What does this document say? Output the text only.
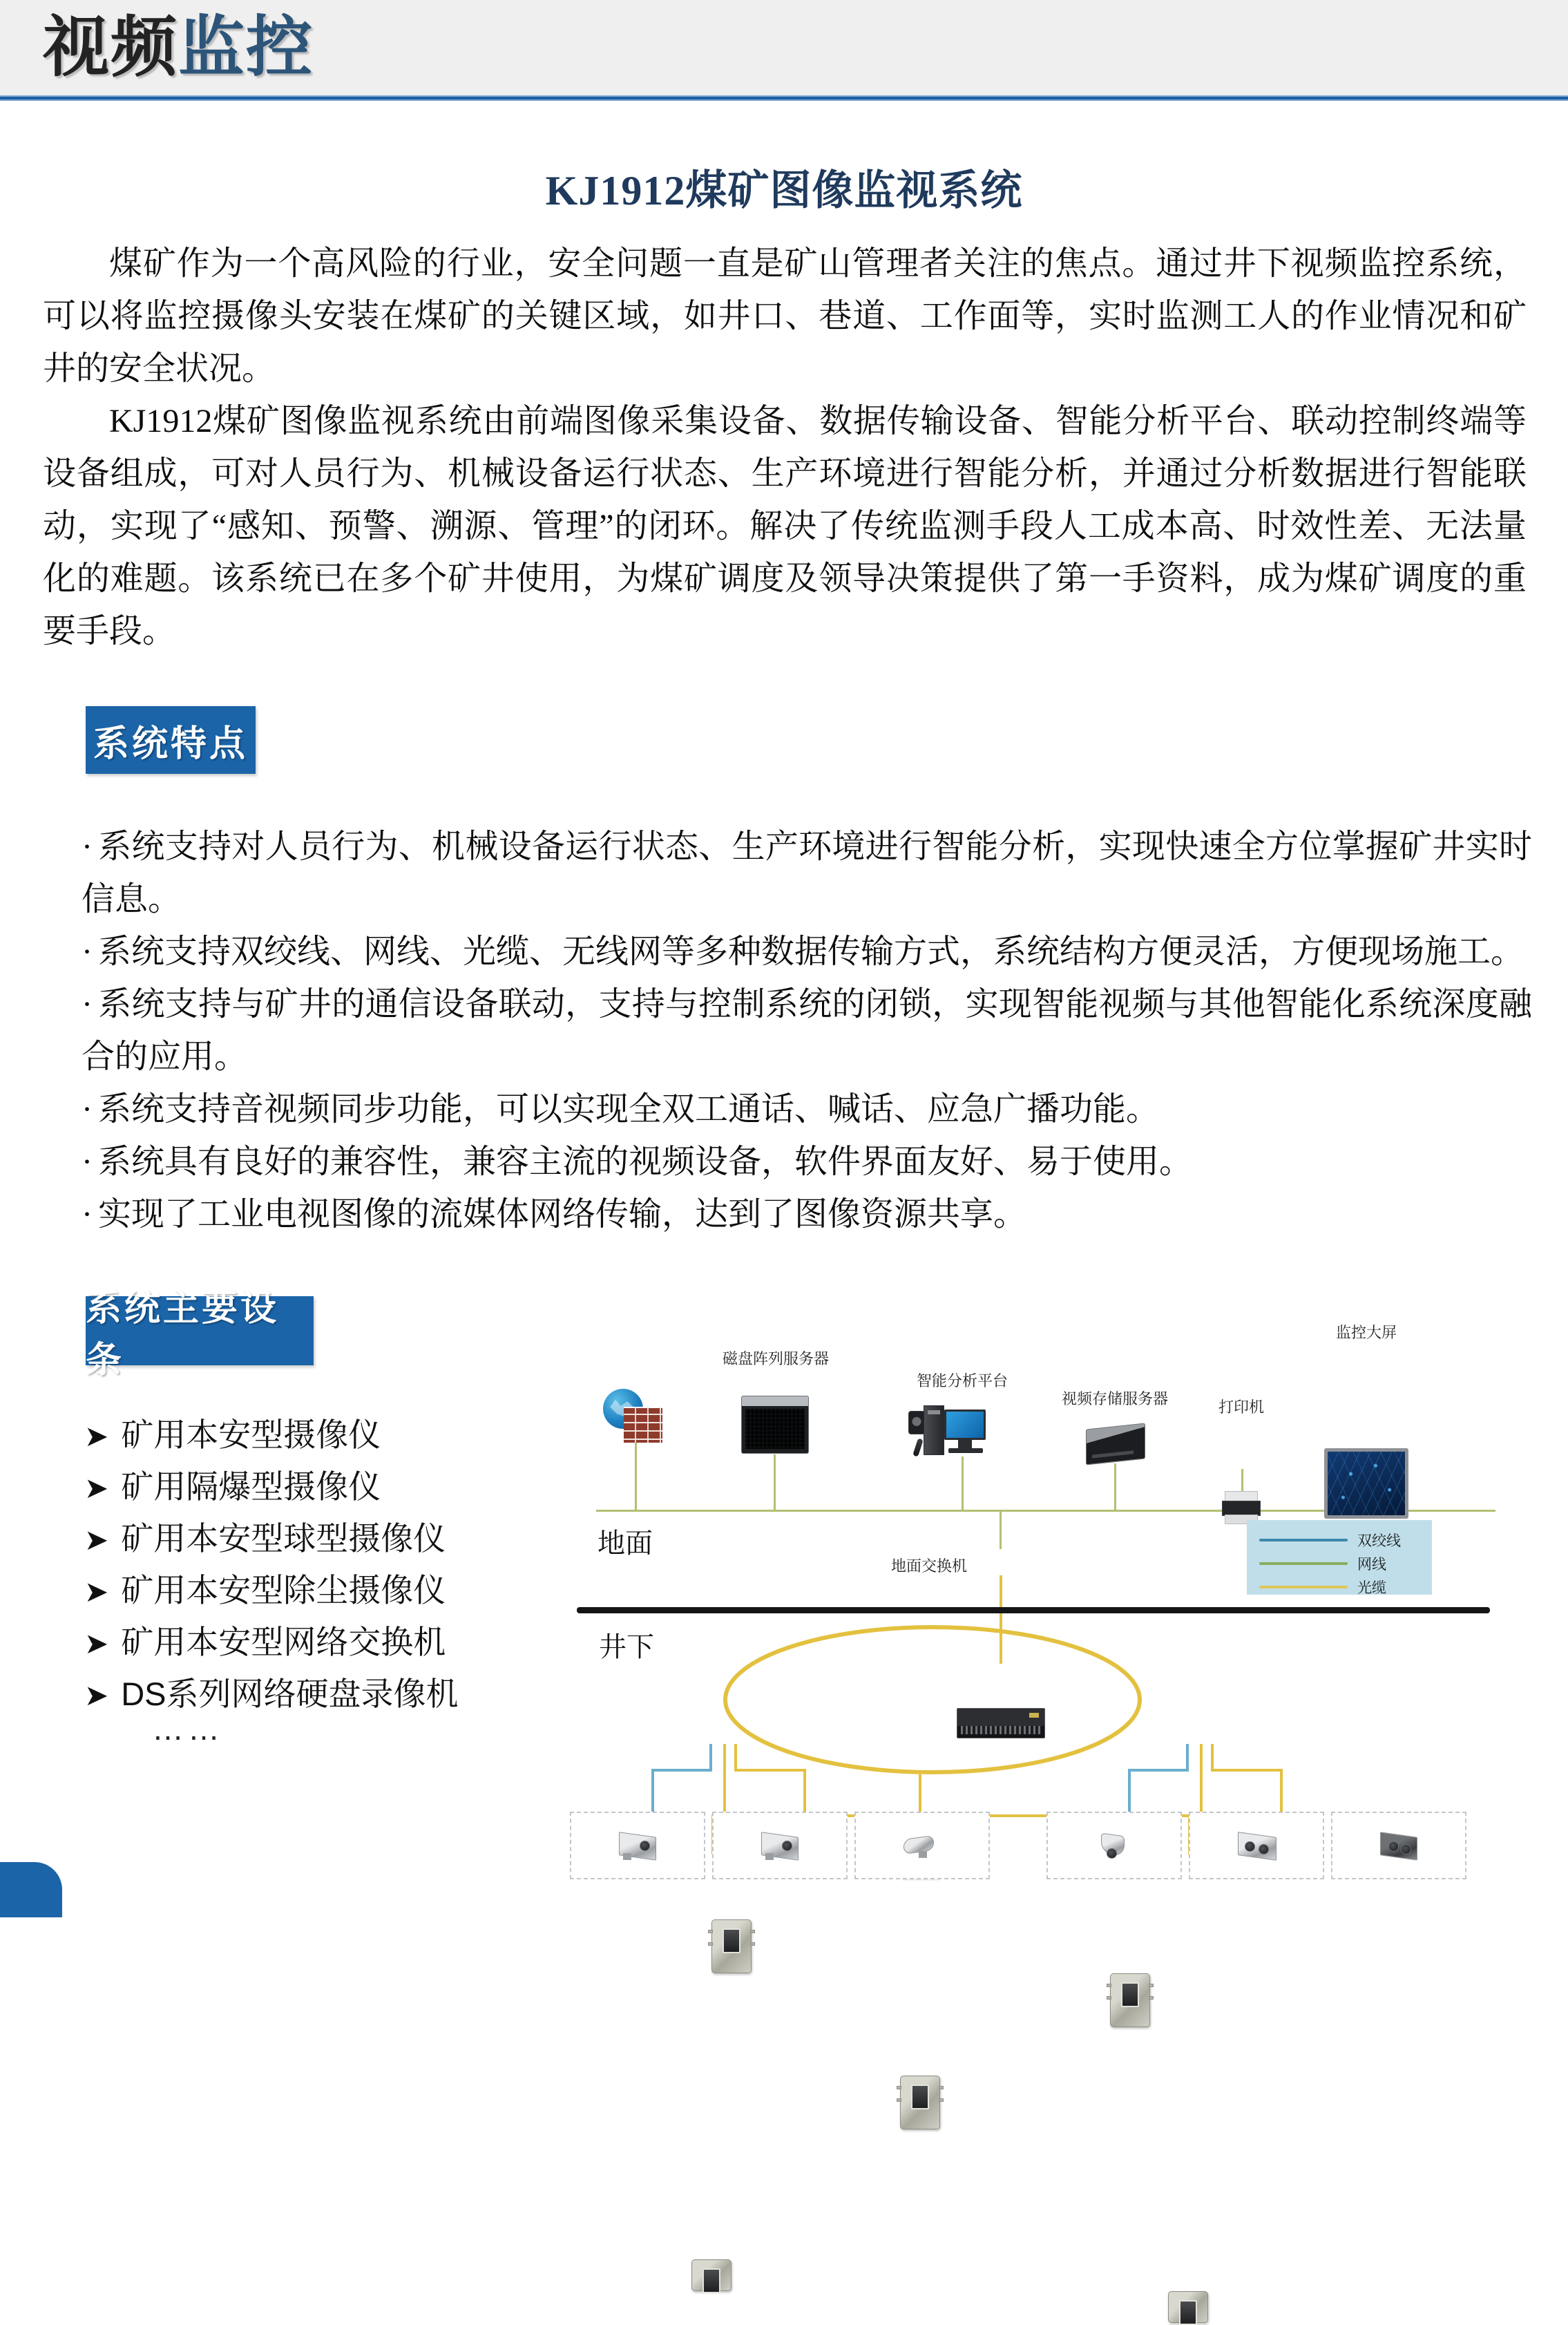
视频监控
KJ1912煤矿图像监视系统

煤矿作为一个高风险的行业，安全问题一直是矿山管理者关注的焦点。通过井下视频监控系统，可以将监控摄像头安装在煤矿的关键区域，如井口、巷道、工作面等，实时监测工人的作业情况和矿井的安全状况。

KJ1912煤矿图像监视系统由前端图像采集设备、数据传输设备、智能分析平台、联动控制终端等设备组成，可对人员行为、机械设备运行状态、生产环境进行智能分析，并通过分析数据进行智能联动，实现了“感知、预警、溯源、管理”的闭环。解决了传统监测手段人工成本高、时效性差、无法量化的难题。该系统已在多个矿井使用，为煤矿调度及领导决策提供了第一手资料，成为煤矿调度的重要手段。

系统特点
· 系统支持对人员行为、机械设备运行状态、生产环境进行智能分析，实现快速全方位掌握矿井实时信息。
· 系统支持双绞线、网线、光缆、无线网等多种数据传输方式，系统结构方便灵活，方便现场施工。
· 系统支持与矿井的通信设备联动，支持与控制系统的闭锁，实现智能视频与其他智能化系统深度融合的应用。
· 系统支持音视频同步功能，可以实现全双工通话、喊话、应急广播功能。
· 系统具有良好的兼容性，兼容主流的视频设备，软件界面友好、易于使用。
· 实现了工业电视图像的流媒体网络传输，达到了图像资源共享。
系统主要设条
➤ 矿用本安型摄像仪
➤ 矿用隔爆型摄像仪
➤ 矿用本安型球型摄像仪
➤ 矿用本安型除尘摄像仪
➤ 矿用本安型网络交换机
➤ DS系列网络硬盘录像机
……
磁盘阵列服务器
智能分析平台
视频存储服务器	打印机
监控大屏
地面
地面交换机
井下
双绞线
网线
光缆
